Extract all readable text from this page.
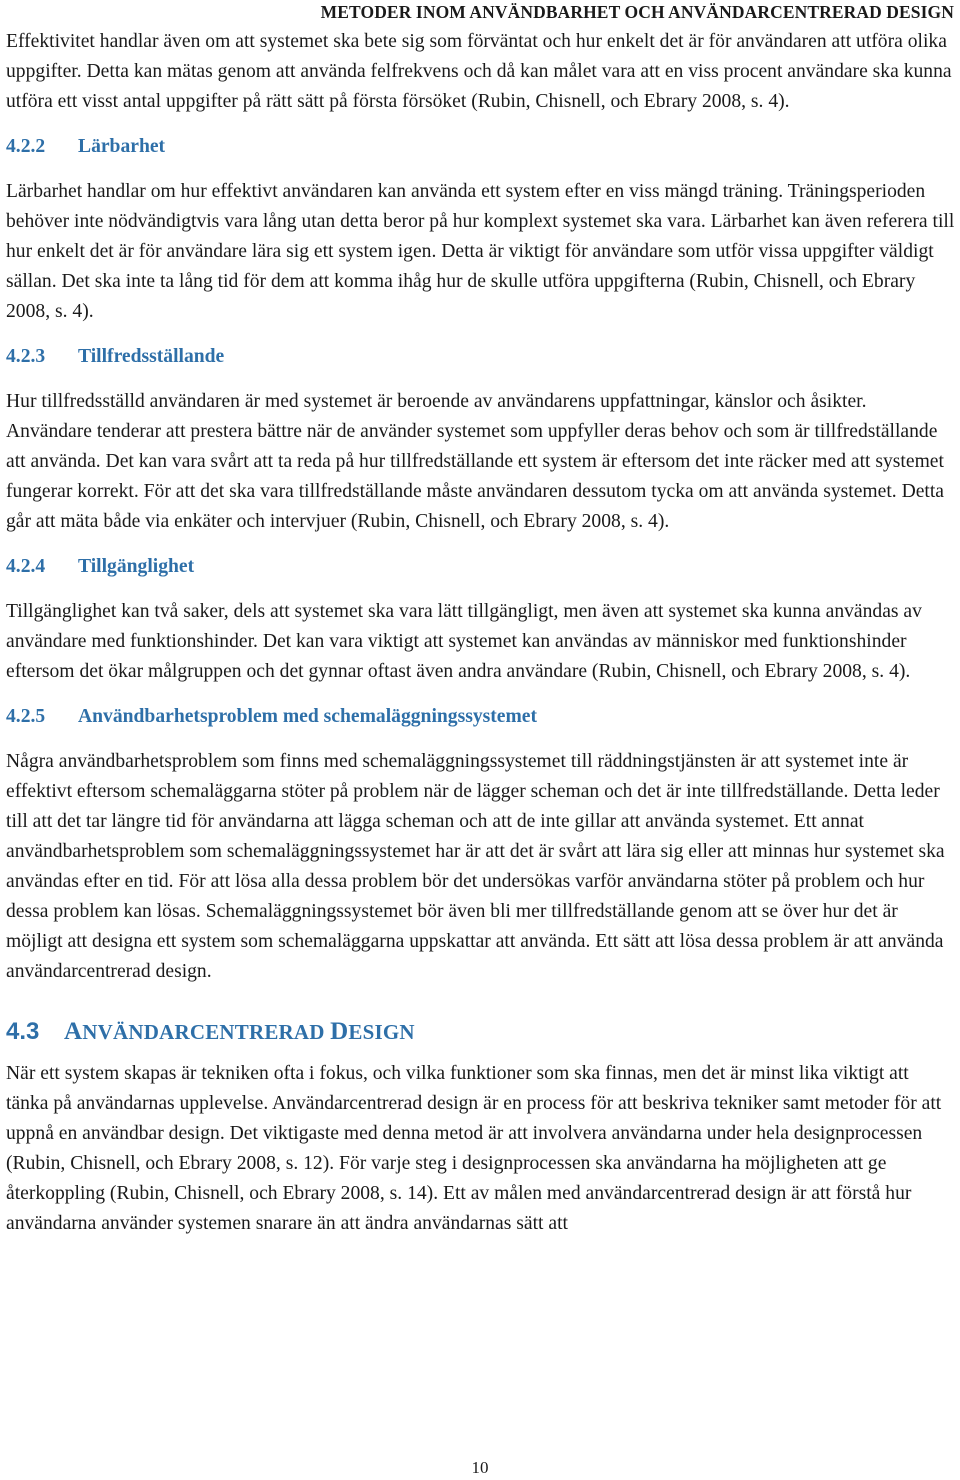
METODER INOM ANVÄNDBARHET OCH ANVÄNDARCENTRERAD DESIGN

Effektivitet handlar även om att systemet ska bete sig som förväntat och hur enkelt det är för användaren att utföra olika uppgifter. Detta kan mätas genom att använda felfrekvens och då kan målet vara att en viss procent användare ska kunna utföra ett visst antal uppgifter på rätt sätt på första försöket (Rubin, Chisnell, och Ebrary 2008, s. 4).

4.2.2	Lärbarhet

Lärbarhet handlar om hur effektivt användaren kan använda ett system efter en viss mängd träning. Träningsperioden behöver inte nödvändigtvis vara lång utan detta beror på hur komplext systemet ska vara. Lärbarhet kan även referera till hur enkelt det är för användare lära sig ett system igen. Detta är viktigt för användare som utför vissa uppgifter väldigt sällan. Det ska inte ta lång tid för dem att komma ihåg hur de skulle utföra uppgifterna (Rubin, Chisnell, och Ebrary 2008, s. 4).

4.2.3	Tillfredsställande

Hur tillfredsställd användaren är med systemet är beroende av användarens uppfattningar, känslor och åsikter. Användare tenderar att prestera bättre när de använder systemet som uppfyller deras behov och som är tillfredställande att använda. Det kan vara svårt att ta reda på hur tillfredställande ett system är eftersom det inte räcker med att systemet fungerar korrekt. För att det ska vara tillfredställande måste användaren dessutom tycka om att använda systemet. Detta går att mäta både via enkäter och intervjuer (Rubin, Chisnell, och Ebrary 2008, s. 4).

4.2.4	Tillgänglighet

Tillgänglighet kan två saker, dels att systemet ska vara lätt tillgängligt, men även att systemet ska kunna användas av användare med funktionshinder. Det kan vara viktigt att systemet kan användas av människor med funktionshinder eftersom det ökar målgruppen och det gynnar oftast även andra användare (Rubin, Chisnell, och Ebrary 2008, s. 4).

4.2.5	Användbarhetsproblem med schemaläggningssystemet

Några användbarhetsproblem som finns med schemaläggningssystemet till räddningstjänsten är att systemet inte är effektivt eftersom schemaläggarna stöter på problem när de lägger scheman och det är inte tillfredställande. Detta leder till att det tar längre tid för användarna att lägga scheman och att de inte gillar att använda systemet. Ett annat användbarhetsproblem som schemaläggningssystemet har är att det är svårt att lära sig eller att minnas hur systemet ska användas efter en tid. För att lösa alla dessa problem bör det undersökas varför användarna stöter på problem och hur dessa problem kan lösas. Schemaläggningssystemet bör även bli mer tillfredställande genom att se över hur det är möjligt att designa ett system som schemaläggarna uppskattar att använda. Ett sätt att lösa dessa problem är att använda användarcentrerad design.

4.3 ANVÄNDARCENTRERAD DESIGN

När ett system skapas är tekniken ofta i fokus, och vilka funktioner som ska finnas, men det är minst lika viktigt att tänka på användarnas upplevelse. Användarcentrerad design är en process för att beskriva tekniker samt metoder för att uppnå en användbar design. Det viktigaste med denna metod är att involvera användarna under hela designprocessen (Rubin, Chisnell, och Ebrary 2008, s. 12). För varje steg i designprocessen ska användarna ha möjligheten att ge återkoppling (Rubin, Chisnell, och Ebrary 2008, s. 14). Ett av målen med användarcentrerad design är att förstå hur användarna använder systemen snarare än att ändra användarnas sätt att

10
